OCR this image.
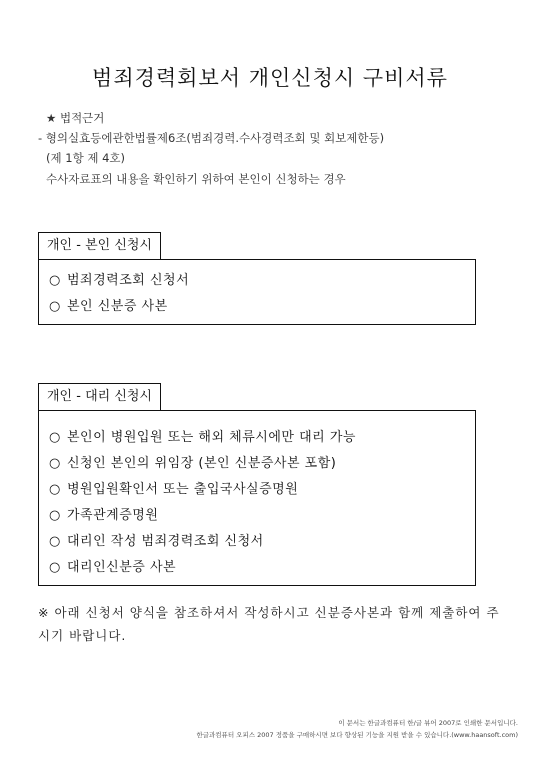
범죄경력회보서 개인신청시 구비서류
★ 법적근거
- 형의실효등에관한법률제6조(범죄경력.수사경력조회 및 회보제한등)
(제 1항 제 4호)
수사자료표의 내용을 확인하기 위하여 본인이 신청하는 경우
개인 - 본인 신청시
○ 범죄경력조회 신청서
○ 본인 신분증 사본
개인 - 대리 신청시
○ 본인이 병원입원 또는 해외 체류시에만 대리 가능
○ 신청인 본인의 위임장 (본인 신분증사본 포함)
○ 병원입원확인서 또는 출입국사실증명원
○ 가족관계증명원
○ 대리인 작성 범죄경력조회 신청서
○ 대리인신분증 사본
※ 아래 신청서 양식을 참조하셔서 작성하시고 신분증사본과 함께 제출하여 주시기 바랍니다.
이 문서는 한글과컴퓨터 한/글 뷰어 2007로 인쇄한 문서입니다.
한글과컴퓨터 오피스 2007 정품을 구매하시면 보다 향상된 기능을 지원 받을 수 있습니다.(www.haansoft.com)
